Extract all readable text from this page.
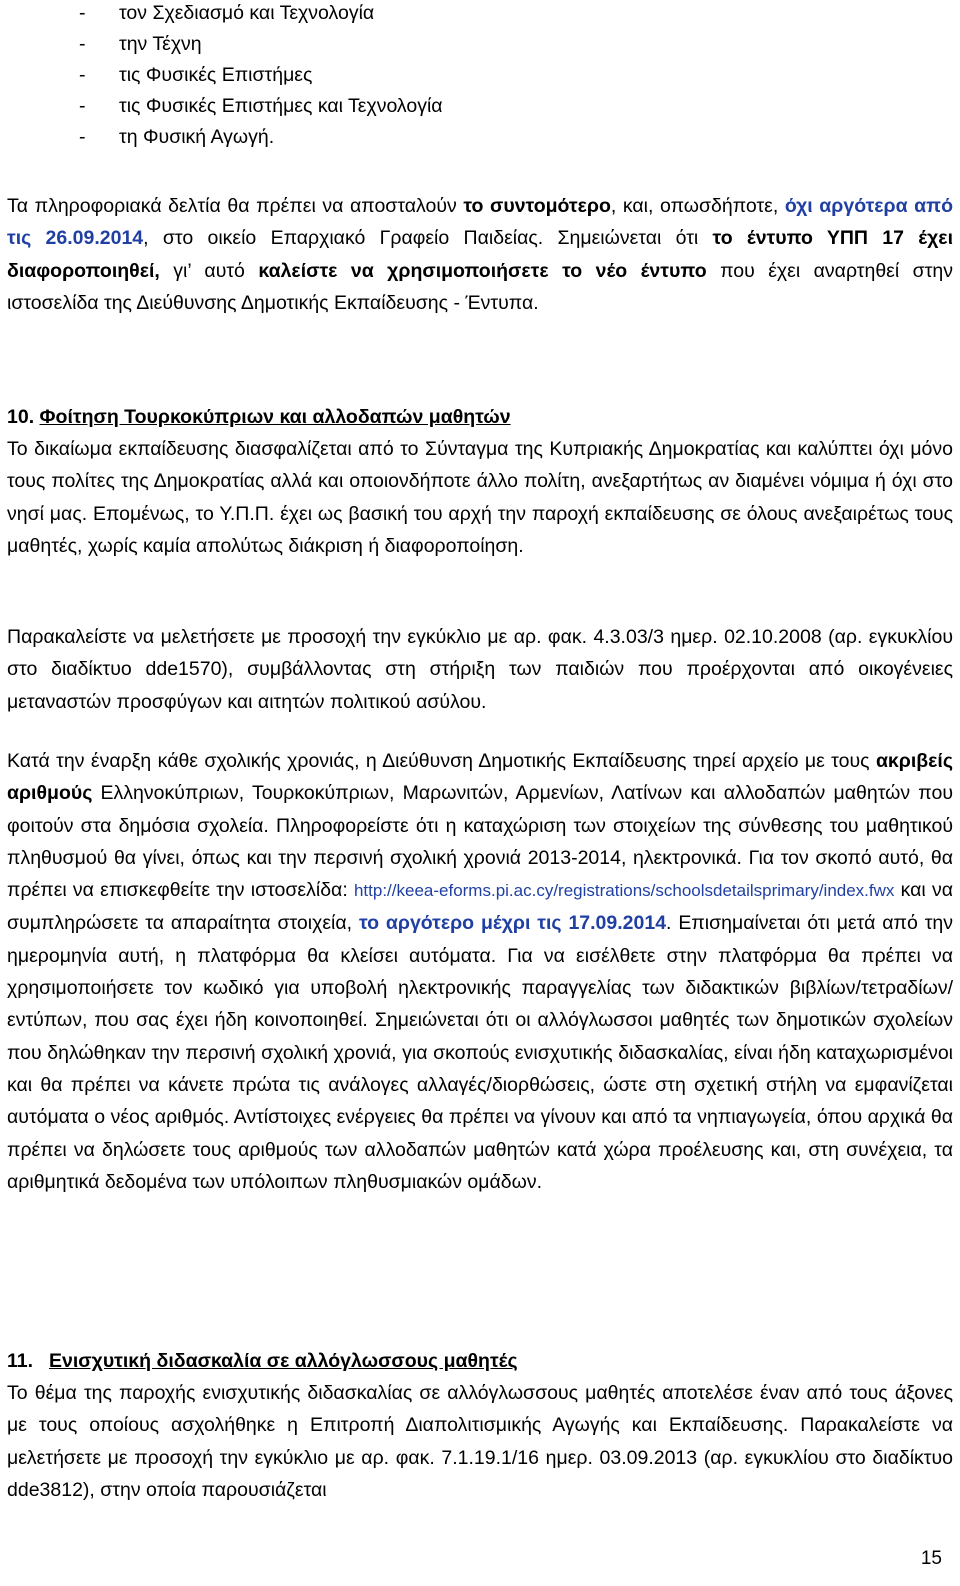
- τον Σχεδιασμό και Τεχνολογία
- την Τέχνη
- τις Φυσικές Επιστήμες
- τις Φυσικές Επιστήμες και Τεχνολογία
- τη Φυσική Αγωγή.
Τα πληροφοριακά δελτία θα πρέπει να αποσταλούν το συντομότερο, και, οπωσδήποτε, όχι αργότερα από τις 26.09.2014, στο οικείο Επαρχιακό Γραφείο Παιδείας. Σημειώνεται ότι το έντυπο ΥΠΠ 17 έχει διαφοροποιηθεί, γι’ αυτό καλείστε να χρησιμοποιήσετε το νέο έντυπο που έχει αναρτηθεί στην ιστοσελίδα της Διεύθυνσης Δημοτικής Εκπαίδευσης - Έντυπα.
10. Φοίτηση Τουρκοκύπριων και αλλοδαπών μαθητών
Το δικαίωμα εκπαίδευσης διασφαλίζεται από το Σύνταγμα της Κυπριακής Δημοκρατίας και καλύπτει όχι μόνο τους πολίτες της Δημοκρατίας αλλά και οποιονδήποτε άλλο πολίτη, ανεξαρτήτως αν διαμένει νόμιμα ή όχι στο νησί μας. Επομένως, το Υ.Π.Π. έχει ως βασική του αρχή την παροχή εκπαίδευσης σε όλους ανεξαιρέτως τους μαθητές, χωρίς καμία απολύτως διάκριση ή διαφοροποίηση.
Παρακαλείστε να μελετήσετε με προσοχή την εγκύκλιο με αρ. φακ. 4.3.03/3 ημερ. 02.10.2008 (αρ. εγκυκλίου στο διαδίκτυο dde1570), συμβάλλοντας στη στήριξη των παιδιών που προέρχονται από οικογένειες μεταναστών προσφύγων και αιτητών πολιτικού ασύλου.
Κατά την έναρξη κάθε σχολικής χρονιάς, η Διεύθυνση Δημοτικής Εκπαίδευσης τηρεί αρχείο με τους ακριβείς αριθμούς Ελληνοκύπριων, Τουρκοκύπριων, Μαρωνιτών, Αρμενίων, Λατίνων και αλλοδαπών μαθητών που φοιτούν στα δημόσια σχολεία. Πληροφορείστε ότι η καταχώριση των στοιχείων της σύνθεσης του μαθητικού πληθυσμού θα γίνει, όπως και την περσινή σχολική χρονιά 2013-2014, ηλεκτρονικά. Για τον σκοπό αυτό, θα πρέπει να επισκεφθείτε την ιστοσελίδα: http://keea-eforms.pi.ac.cy/registrations/schoolsdetailsprimary/index.fwx και να συμπληρώσετε τα απαραίτητα στοιχεία, το αργότερο μέχρι τις 17.09.2014. Επισημαίνεται ότι μετά από την ημερομηνία αυτή, η πλατφόρμα θα κλείσει αυτόματα. Για να εισέλθετε στην πλατφόρμα θα πρέπει να χρησιμοποιήσετε τον κωδικό για υποβολή ηλεκτρονικής παραγγελίας των διδακτικών βιβλίων/τετραδίων/εντύπων, που σας έχει ήδη κοινοποιηθεί. Σημειώνεται ότι οι αλλόγλωσσοι μαθητές των δημοτικών σχολείων που δηλώθηκαν την περσινή σχολική χρονιά, για σκοπούς ενισχυτικής διδασκαλίας, είναι ήδη καταχωρισμένοι και θα πρέπει να κάνετε πρώτα τις ανάλογες αλλαγές/διορθώσεις, ώστε στη σχετική στήλη να εμφανίζεται αυτόματα ο νέος αριθμός. Αντίστοιχες ενέργειες θα πρέπει να γίνουν και από τα νηπιαγωγεία, όπου αρχικά θα πρέπει να δηλώσετε τους αριθμούς των αλλοδαπών μαθητών κατά χώρα προέλευσης και, στη συνέχεια, τα αριθμητικά δεδομένα των υπόλοιπων πληθυσμιακών ομάδων.
11. Ενισχυτική διδασκαλία σε αλλόγλωσσους μαθητές
Το θέμα της παροχής ενισχυτικής διδασκαλίας σε αλλόγλωσσους μαθητές αποτελέσε έναν από τους άξονες με τους οποίους ασχολήθηκε η Επιτροπή Διαπολιτισμικής Αγωγής και Εκπαίδευσης. Παρακαλείστε να μελετήσετε με προσοχή την εγκύκλιο με αρ. φακ. 7.1.19.1/16 ημερ. 03.09.2013 (αρ. εγκυκλίου στο διαδίκτυο dde3812), στην οποία παρουσιάζεται
15
